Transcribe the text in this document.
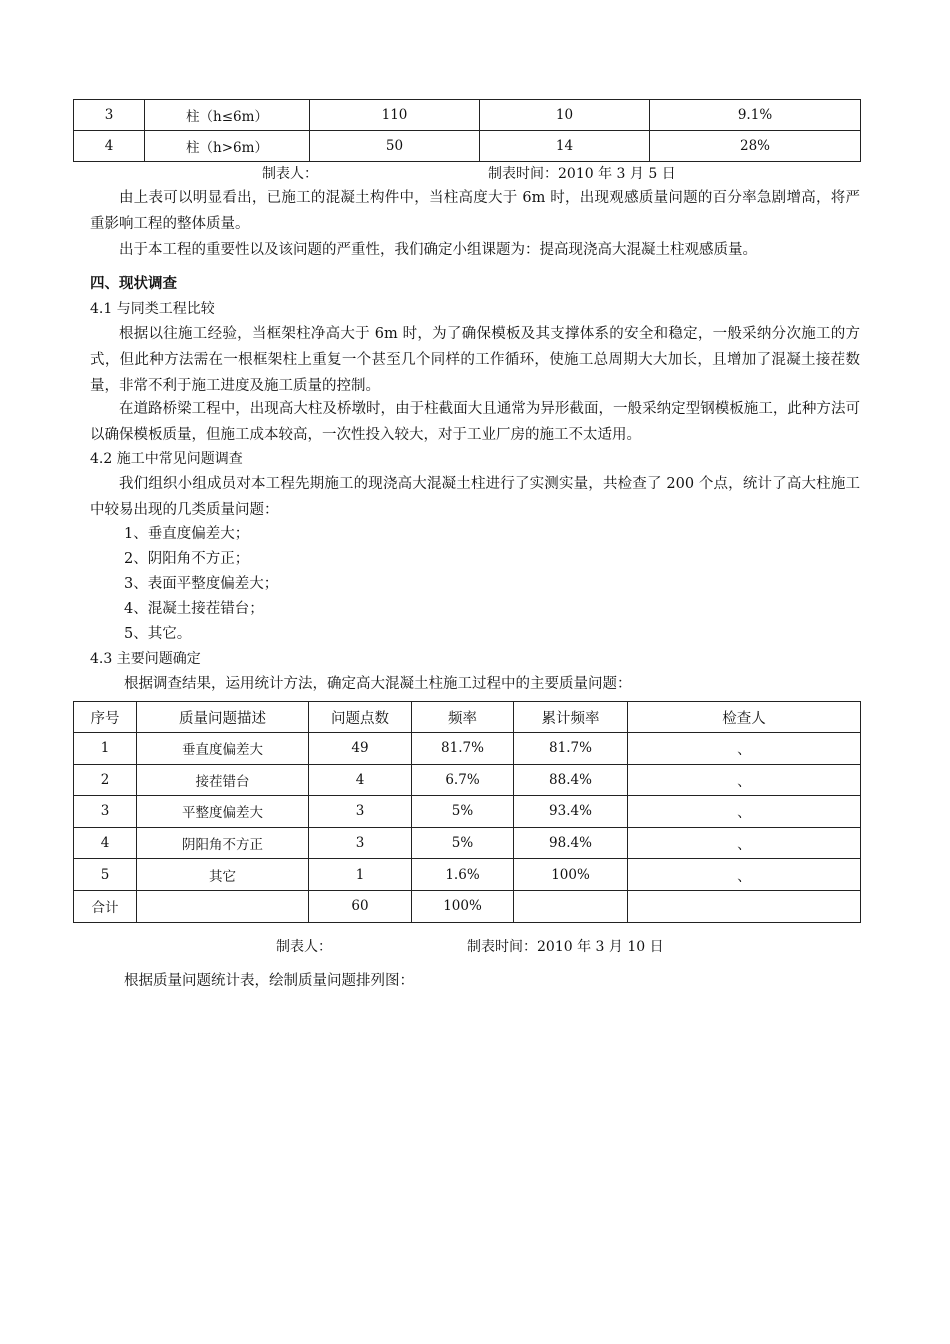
3	柱（h≤6m）	110	10	9.1%
4	柱（h>6m）	50	14	28%
制表人：	制表时间：2010 年 3 月 5 日
由上表可以明显看出，已施工的混凝土构件中，当柱高度大于 6m 时，出现观感质量问题的百分率急剧增高，将严重影响工程的整体质量。
出于本工程的重要性以及该问题的严重性，我们确定小组课题为：提高现浇高大混凝土柱观感质量。
四、现状调查
4.1 与同类工程比较
根据以往施工经验，当框架柱净高大于 6m 时，为了确保模板及其支撑体系的安全和稳定，一般采纳分次施工的方式，但此种方法需在一根框架柱上重复一个甚至几个同样的工作循环，使施工总周期大大加长，且增加了混凝土接茬数量，非常不利于施工进度及施工质量的控制。
在道路桥梁工程中，出现高大柱及桥墩时，由于柱截面大且通常为异形截面，一般采纳定型钢模板施工，此种方法可以确保模板质量，但施工成本较高，一次性投入较大，对于工业厂房的施工不太适用。
4.2 施工中常见问题调查
我们组织小组成员对本工程先期施工的现浇高大混凝土柱进行了实测实量，共检查了 200 个点，统计了高大柱施工中较易出现的几类质量问题：
1、垂直度偏差大；
2、阴阳角不方正；
3、表面平整度偏差大；
4、混凝土接茬错台；
5、其它。
4.3 主要问题确定
根据调查结果，运用统计方法，确定高大混凝土柱施工过程中的主要质量问题：
序号	质量问题描述	问题点数	频率	累计频率	检查人
1	垂直度偏差大	49	81.7%	81.7%	、
2	接茬错台	4	6.7%	88.4%	、
3	平整度偏差大	3	5%	93.4%	、
4	阴阳角不方正	3	5%	98.4%	、
5	其它	1	1.6%	100%	、
合计		60	100%		
制表人：	制表时间：2010 年 3 月 10 日
根据质量问题统计表，绘制质量问题排列图：
